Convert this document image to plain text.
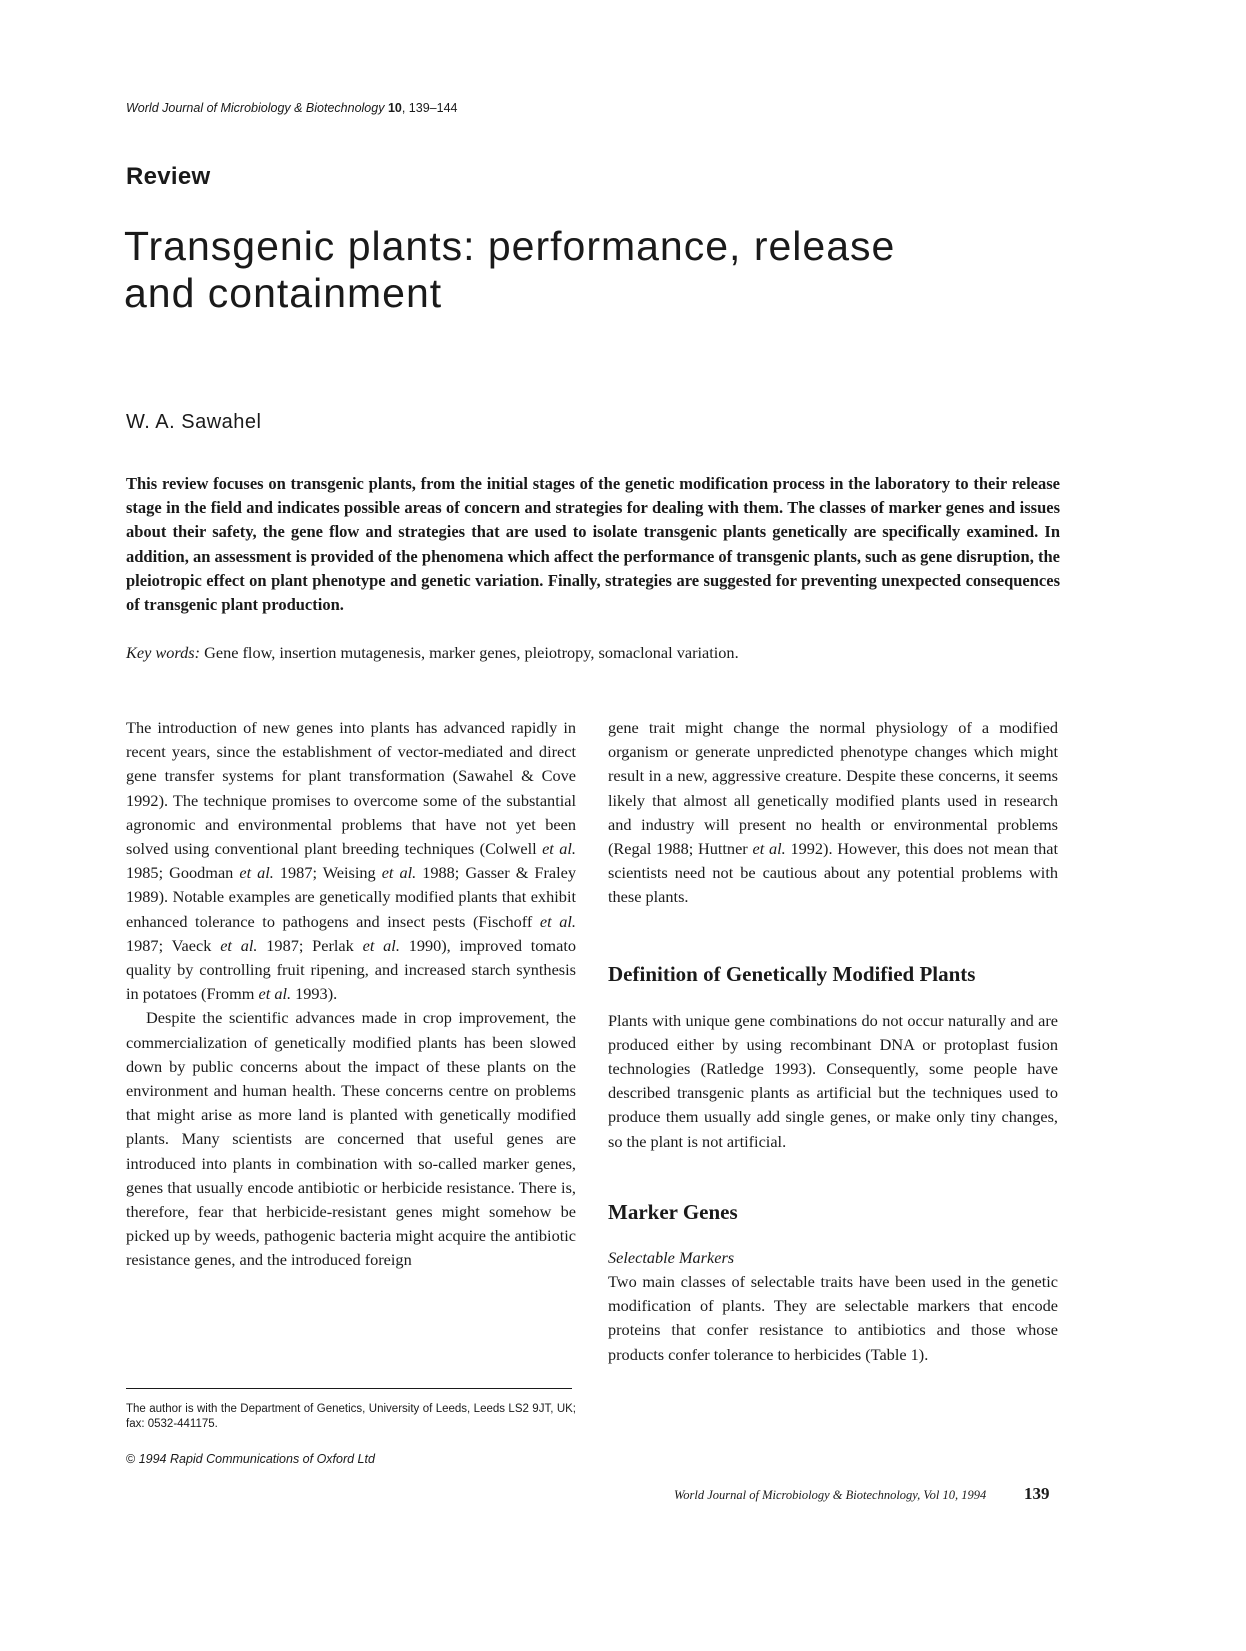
World Journal of Microbiology & Biotechnology 10, 139–144
Review
Transgenic plants: performance, release
and containment
W. A. Sawahel

This review focuses on transgenic plants, from the initial stages of the genetic modification process in the laboratory to their release stage in the field and indicates possible areas of concern and strategies for dealing with them. The classes of marker genes and issues about their safety, the gene flow and strategies that are used to isolate transgenic plants genetically are specifically examined. In addition, an assessment is provided of the phenomena which affect the performance of transgenic plants, such as gene disruption, the pleiotropic effect on plant phenotype and genetic variation. Finally, strategies are suggested for preventing unexpected consequences of transgenic plant production.

Key words: Gene flow, insertion mutagenesis, marker genes, pleiotropy, somaclonal variation.

The introduction of new genes into plants has advanced rapidly in recent years, since the establishment of vector-mediated and direct gene transfer systems for plant transformation (Sawahel & Cove 1992). The technique promises to overcome some of the substantial agronomic and environmental problems that have not yet been solved using conventional plant breeding techniques (Colwell et al. 1985; Goodman et al. 1987; Weising et al. 1988; Gasser & Fraley 1989). Notable examples are genetically modified plants that exhibit enhanced tolerance to pathogens and insect pests (Fischoff et al. 1987; Vaeck et al. 1987; Perlak et al. 1990), improved tomato quality by controlling fruit ripening, and increased starch synthesis in potatoes (Fromm et al. 1993).

Despite the scientific advances made in crop improvement, the commercialization of genetically modified plants has been slowed down by public concerns about the impact of these plants on the environment and human health. These concerns centre on problems that might arise as more land is planted with genetically modified plants. Many scientists are concerned that useful genes are introduced into plants in combination with so-called marker genes, genes that usually encode antibiotic or herbicide resistance. There is, therefore, fear that herbicide-resistant genes might somehow be picked up by weeds, pathogenic bacteria might acquire the antibiotic resistance genes, and the introduced foreign

gene trait might change the normal physiology of a modified organism or generate unpredicted phenotype changes which might result in a new, aggressive creature. Despite these concerns, it seems likely that almost all genetically modified plants used in research and industry will present no health or environmental problems (Regal 1988; Huttner et al. 1992). However, this does not mean that scientists need not be cautious about any potential problems with these plants.

Definition of Genetically Modified Plants

Plants with unique gene combinations do not occur naturally and are produced either by using recombinant DNA or protoplast fusion technologies (Ratledge 1993). Consequently, some people have described transgenic plants as artificial but the techniques used to produce them usually add single genes, or make only tiny changes, so the plant is not artificial.

Marker Genes

Selectable Markers

Two main classes of selectable traits have been used in the genetic modification of plants. They are selectable markers that encode proteins that confer resistance to antibiotics and those whose products confer tolerance to herbicides (Table 1).

The author is with the Department of Genetics, University of Leeds, Leeds LS2 9JT, UK; fax: 0532-441175.
© 1994 Rapid Communications of Oxford Ltd
World Journal of Microbiology & Biotechnology, Vol 10, 1994 139
